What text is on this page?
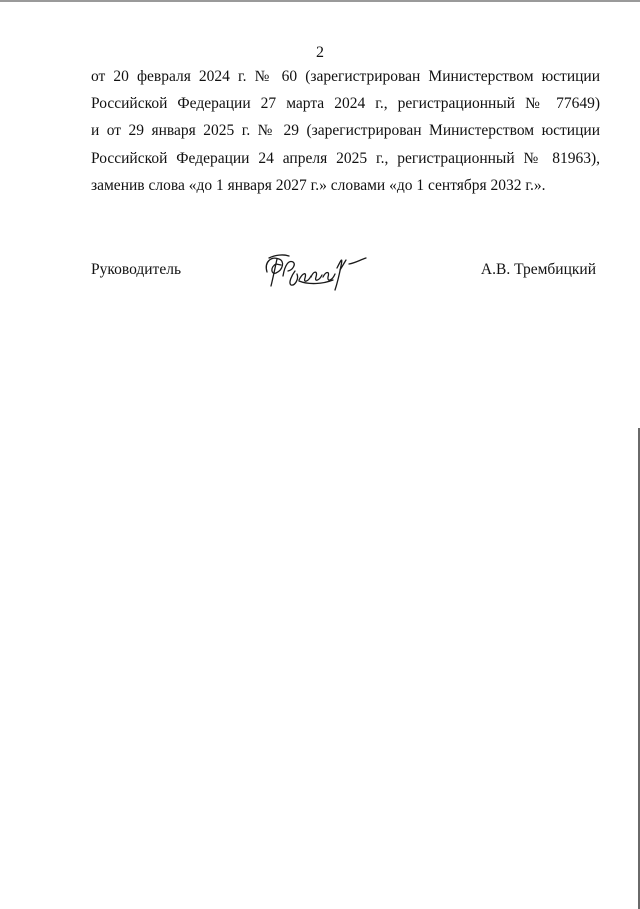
2
от 20 февраля 2024 г. № 60 (зарегистрирован Министерством юстиции
Российской Федерации 27 марта 2024 г., регистрационный № 77649)
и от 29 января 2025 г. № 29 (зарегистрирован Министерством юстиции
Российской Федерации 24 апреля 2025 г., регистрационный № 81963),
заменив слова «до 1 января 2027 г.» словами «до 1 сентября 2032 г.».
Руководитель	А.В. Трембицкий
